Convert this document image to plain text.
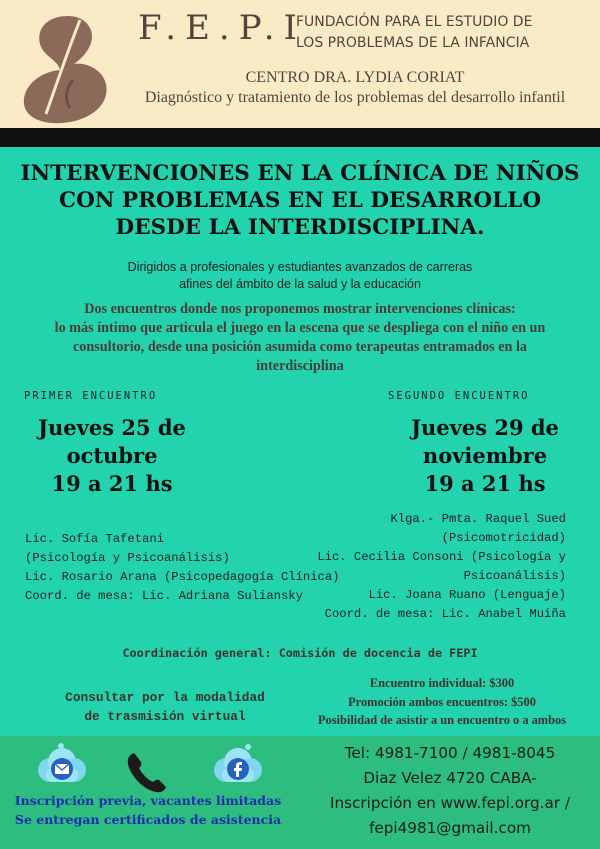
F.E.P.I
FUNDACIÓN PARA EL ESTUDIO DE
LOS PROBLEMAS DE LA INFANCIA
CENTRO DRA. LYDIA CORIAT
Diagnóstico y tratamiento de los problemas del desarrollo infantil
INTERVENCIONES EN LA CLÍNICA DE NIÑOS
CON PROBLEMAS EN EL DESARROLLO
DESDE LA INTERDISCIPLINA.
Dirigidos a profesionales y estudiantes avanzados de carreras
afines del ámbito de la salud y la educación
Dos encuentros donde nos proponemos mostrar intervenciones clínicas:
lo más íntimo que articula el juego en la escena que se despliega con el niño en un
consultorio, desde una posición asumida como terapeutas entramados en la
interdisciplina
PRIMER ENCUENTRO
Jueves 25 de
octubre
19 a 21 hs
SEGUNDO ENCUENTRO
Jueves 29 de
noviembre
19 a 21 hs
Lic. Sofía Tafetani
(Psicología y Psicoanálisis)
Lic. Rosario Arana (Psicopedagogía Clínica)
Coord. de mesa: Lic. Adriana Suliansky
Klga.- Pmta. Raquel Sued
(Psicomotricidad)
Lic. Cecilia Consoni (Psicología y
Psicoanálisis)
Lic. Joana Ruano (Lenguaje)
Coord. de mesa: Lic. Anabel Muiña
Coordinación general: Comisión de docencia de FEPI
Consultar por la modalidad
de trasmisión virtual
Encuentro individual: $300
Promoción ambos encuentros: $500
Posibilidad de asistir a un encuentro o a ambos
Inscripción previa, vacantes limitadas
Se entregan certificados de asistencia
Tel: 4981-7100 / 4981-8045
Diaz Velez 4720 CABA-
Inscripción en www.fepi.org.ar /
fepi4981@gmail.com
